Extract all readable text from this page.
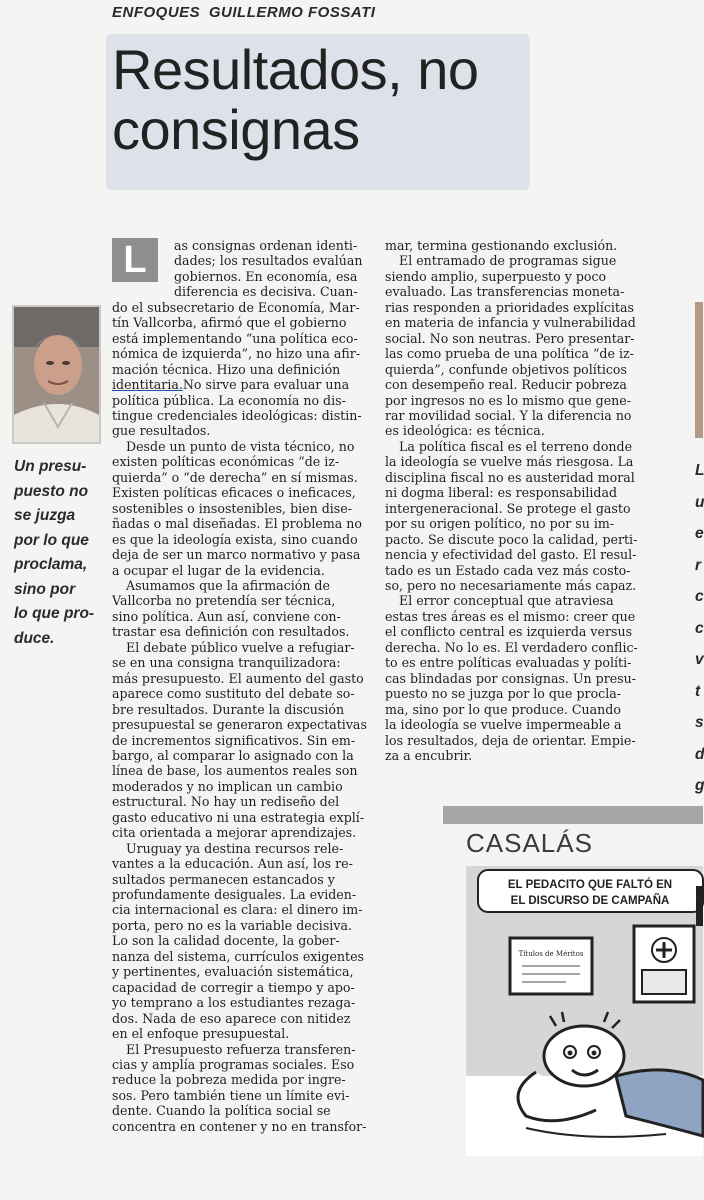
ENFOQUES GUILLERMO FOSSATI
Resultados, no consignas
Un presu-
puesto no
se juzga
por lo que
proclama,
sino por
lo que pro-
duce.
L	as consignas ordenan identi-

dades; los resultados evalúan

gobiernos. En economía, esa

diferencia es decisiva. Cuan-

do el subsecretario de Economía, Mar-

tín Vallcorba, afirmó que el gobierno

está implementando “una política eco-

nómica de izquierda”, no hizo una afir-

mación técnica. Hizo una definición

identitaria.No sirve para evaluar una

política pública. La economía no dis-

tingue credenciales ideológicas: distin-

gue resultados.

Desde un punto de vista técnico, no

existen políticas económicas “de iz-

quierda” o “de derecha” en sí mismas.

Existen políticas eficaces o ineficaces,

sostenibles o insostenibles, bien dise-

ñadas o mal diseñadas. El problema no

es que la ideología exista, sino cuando

deja de ser un marco normativo y pasa

a ocupar el lugar de la evidencia.

Asumamos que la afirmación de

Vallcorba no pretendía ser técnica,

sino política. Aun así, conviene con-

trastar esa definición con resultados.

El debate público vuelve a refugiar-

se en una consigna tranquilizadora:

más presupuesto. El aumento del gasto

aparece como sustituto del debate so-

bre resultados. Durante la discusión

presupuestal se generaron expectativas

de incrementos significativos. Sin em-

bargo, al comparar lo asignado con la

línea de base, los aumentos reales son

moderados y no implican un cambio

estructural. No hay un rediseño del

gasto educativo ni una estrategia explí-

cita orientada a mejorar aprendizajes.

Uruguay ya destina recursos rele-

vantes a la educación. Aun así, los re-

sultados permanecen estancados y

profundamente desiguales. La eviden-

cia internacional es clara: el dinero im-

porta, pero no es la variable decisiva.

Lo son la calidad docente, la gober-

nanza del sistema, currículos exigentes

y pertinentes, evaluación sistemática,

capacidad de corregir a tiempo y apo-

yo temprano a los estudiantes rezaga-

dos. Nada de eso aparece con nitidez

en el enfoque presupuestal.

El Presupuesto refuerza transferen-

cias y amplía programas sociales. Eso

reduce la pobreza medida por ingre-

sos. Pero también tiene un límite evi-

dente. Cuando la política social se

concentra en contener y no en transfor-

mar, termina gestionando exclusión.

El entramado de programas sigue

siendo amplio, superpuesto y poco

evaluado. Las transferencias moneta-

rias responden a prioridades explícitas

en materia de infancia y vulnerabilidad

social. No son neutras. Pero presentar-

las como prueba de una política “de iz-

quierda”, confunde objetivos políticos

con desempeño real. Reducir pobreza

por ingresos no es lo mismo que gene-

rar movilidad social. Y la diferencia no

es ideológica: es técnica.

La política fiscal es el terreno donde

la ideología se vuelve más riesgosa. La

disciplina fiscal no es austeridad moral

ni dogma liberal: es responsabilidad

intergeneracional. Se protege el gasto

por su origen político, no por su im-

pacto. Se discute poco la calidad, perti-

nencia y efectividad del gasto. El resul-

tado es un Estado cada vez más costo-

so, pero no necesariamente más capaz.

El error conceptual que atraviesa

estas tres áreas es el mismo: creer que

el conflicto central es izquierda versus

derecha. No lo es. El verdadero conflic-

to es entre políticas evaluadas y políti-

cas blindadas por consignas. Un presu-

puesto no se juzga por lo que procla-

ma, sino por lo que produce. Cuando

la ideología se vuelve impermeable a

los resultados, deja de orientar. Empie-

za a encubrir.

L
u
e
r
c
c
v
t
s
d
g
CASALÁS
EL PEDACITO QUE FALTÓ EN
EL DISCURSO DE CAMPAÑA
Títulos de Méritos
